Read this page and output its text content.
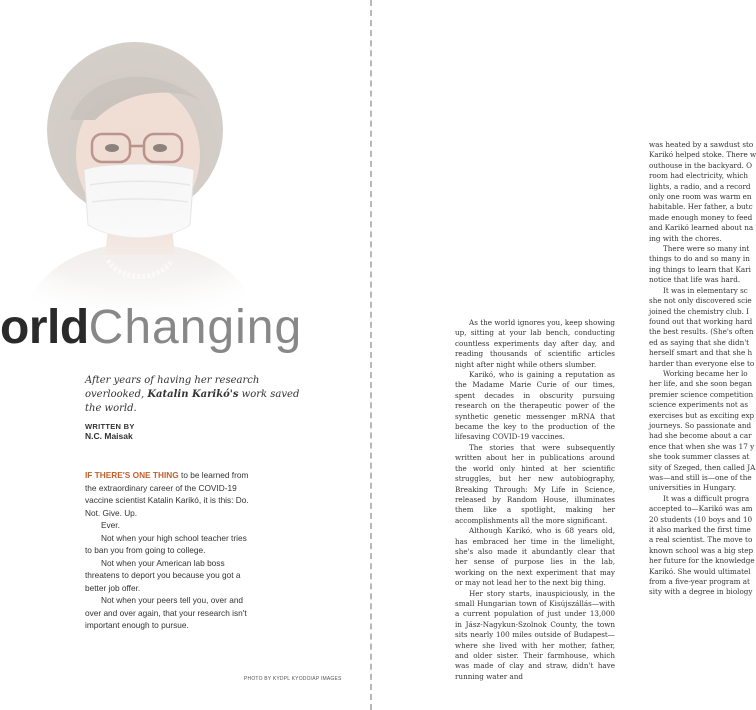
orldChanging
After years of having her research overlooked, Katalin Karikó's work saved the world.
WRITTEN BY
N.C. Maisak

IF THERE'S ONE THING to be learned from the extraordinary career of the COVID-19 vaccine scientist Katalin Karikó, it is this: Do. Not. Give. Up.

Ever.

Not when your high school teacher tries to ban you from going to college.

Not when your American lab boss threatens to deport you because you got a better job offer.

Not when your peers tell you, over and over and over again, that your research isn't important enough to pursue.

PHOTO BY KYDPL KYODO/AP IMAGES

As the world ignores you, keep showing up, sitting at your lab bench, conducting countless experiments day after day, and reading thousands of scientific articles night after night while others slumber.

Karikó, who is gaining a reputation as the Madame Marie Curie of our times, spent decades in obscurity pursuing research on the therapeutic power of the synthetic genetic messenger mRNA that became the key to the production of the lifesaving COVID-19 vaccines.

The stories that were subsequently written about her in publications around the world only hinted at her scientific struggles, but her new autobiography, Breaking Through: My Life in Science, released by Random House, illuminates them like a spotlight, making her accomplishments all the more significant.

Although Karikó, who is 68 years old, has embraced her time in the limelight, she's also made it abundantly clear that her sense of purpose lies in the lab, working on the next experiment that may or may not lead her to the next big thing.

Her story starts, inauspiciously, in the small Hungarian town of Kisújszállás—with a current population of just under 13,000 in Jász-Nagykun-Szolnok County, the town sits nearly 100 miles outside of Budapest—where she lived with her mother, father, and older sister. Their farmhouse, which was made of clay and straw, didn't have running water and

was heated by a sawdust sto

Karikó helped stoke. There w

outhouse in the backyard. O

room had electricity, which

lights, a radio, and a record

only one room was warm en

habitable. Her father, a butc

made enough money to feed

and Karikó learned about na

ing with the chores.

There were so many int

things to do and so many in

ing things to learn that Kari

notice that life was hard.

It was in elementary sc

she not only discovered scie

joined the chemistry club. I

found out that working hard

the best results. (She's often

ed as saying that she didn't

herself smart and that she h

harder than everyone else to

Working became her lo

her life, and she soon began

premier science competition

science experiments not as

exercises but as exciting exp

journeys. So passionate and

had she become about a car

ence that when she was 17 y

she took summer classes at

sity of Szeged, then called JA

was—and still is—one of the

universities in Hungary.

It was a difficult progra

accepted to—Karikó was am

20 students (10 boys and 10

it also marked the first time

a real scientist. The move to

known school was a big step

her future for the knowledge

Karikó. She would ultimatel

from a five-year program at

sity with a degree in biology
